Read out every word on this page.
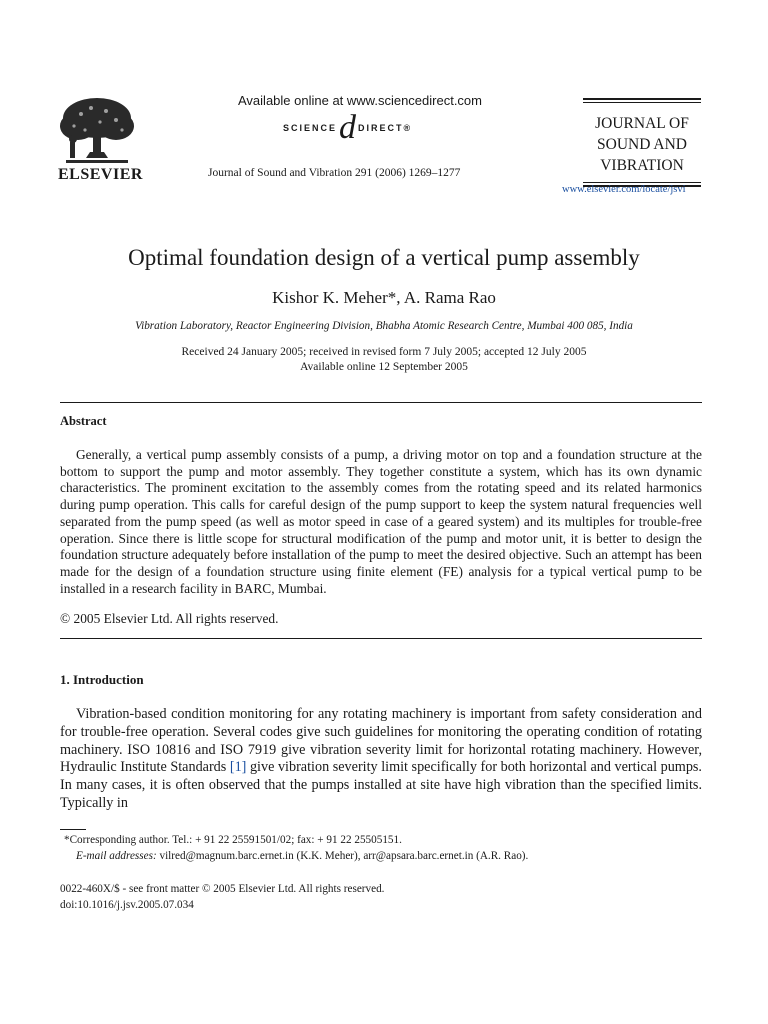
ELSEVIER
Available online at www.sciencedirect.com
SCIENCE d DIRECT ®
Journal of Sound and Vibration 291 (2006) 1269–1277
JOURNAL OF
SOUND AND
VIBRATION
www.elsevier.com/locate/jsvi
Optimal foundation design of a vertical pump assembly
Kishor K. Meher*, A. Rama Rao
Vibration Laboratory, Reactor Engineering Division, Bhabha Atomic Research Centre, Mumbai 400 085, India
Received 24 January 2005; received in revised form 7 July 2005; accepted 12 July 2005
Available online 12 September 2005
Abstract

Generally, a vertical pump assembly consists of a pump, a driving motor on top and a foundation structure at the bottom to support the pump and motor assembly. They together constitute a system, which has its own dynamic characteristics. The prominent excitation to the assembly comes from the rotating speed and its related harmonics during pump operation. This calls for careful design of the pump support to keep the system natural frequencies well separated from the pump speed (as well as motor speed in case of a geared system) and its multiples for trouble-free operation. Since there is little scope for structural modification of the pump and motor unit, it is better to design the foundation structure adequately before installation of the pump to meet the desired objective. Such an attempt has been made for the design of a foundation structure using finite element (FE) analysis for a typical vertical pump to be installed in a research facility in BARC, Mumbai.

© 2005 Elsevier Ltd. All rights reserved.
1. Introduction

Vibration-based condition monitoring for any rotating machinery is important from safety consideration and for trouble-free operation. Several codes give such guidelines for monitoring the operating condition of rotating machinery. ISO 10816 and ISO 7919 give vibration severity limit for horizontal rotating machinery. However, Hydraulic Institute Standards [1] give vibration severity limit specifically for both horizontal and vertical pumps. In many cases, it is often observed that the pumps installed at site have high vibration than the specified limits. Typically in

*Corresponding author. Tel.: + 91 22 25591501/02; fax: + 91 22 25505151.
E-mail addresses: vilred@magnum.barc.ernet.in (K.K. Meher), arr@apsara.barc.ernet.in (A.R. Rao).
0022-460X/$ - see front matter © 2005 Elsevier Ltd. All rights reserved.
doi:10.1016/j.jsv.2005.07.034
